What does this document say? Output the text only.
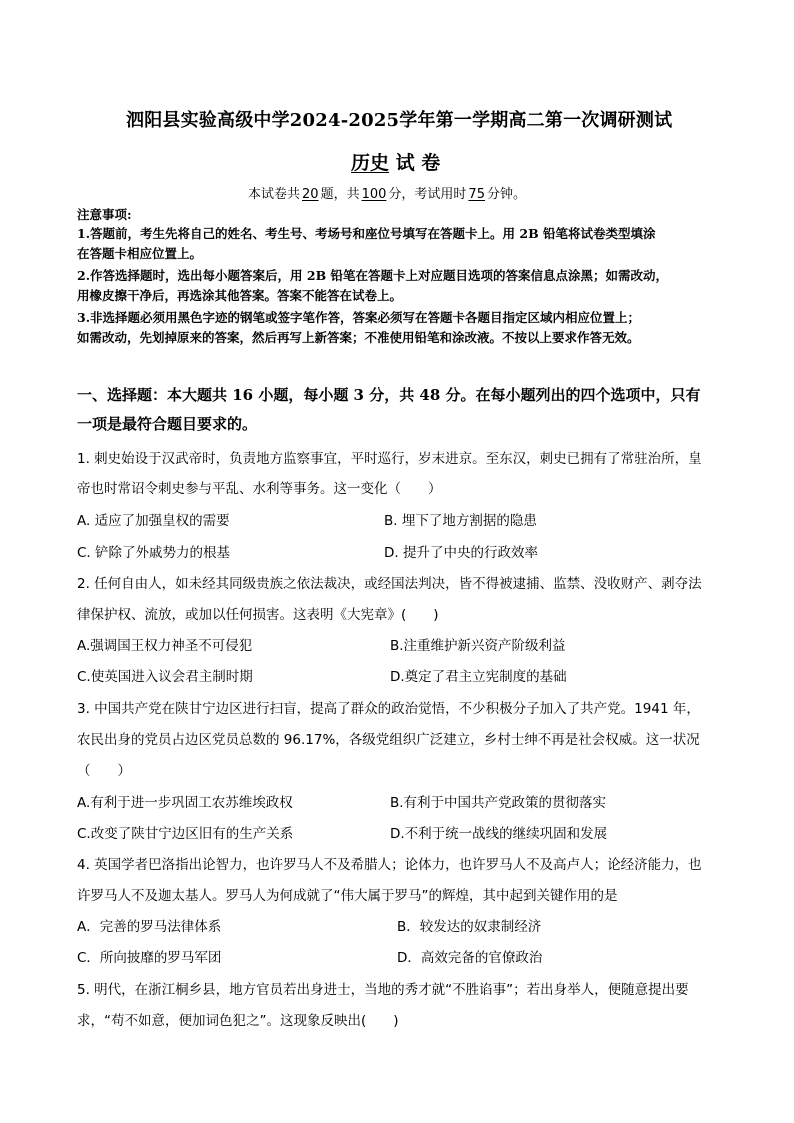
泗阳县实验高级中学2024-2025学年第一学期高二第一次调研测试
历史 试 卷
本试卷共 20 题，共 100 分，考试用时 75 分钟。
注意事项:
1.答题前，考生先将自己的姓名、考生号、考场号和座位号填写在答题卡上。用 2B 铅笔将试卷类型填涂
在答题卡相应位置上。
2.作答选择题时，选出每小题答案后，用 2B 铅笔在答题卡上对应题目选项的答案信息点涂黑；如需改动，
用橡皮擦干净后，再选涂其他答案。答案不能答在试卷上。
3.非选择题必须用黑色字迹的钢笔或签字笔作答，答案必须写在答题卡各题目指定区域内相应位置上；
如需改动，先划掉原来的答案，然后再写上新答案；不准使用铅笔和涂改液。不按以上要求作答无效。
一、选择题：本大题共 16 小题，每小题 3 分，共 48 分。在每小题列出的四个选项中，只有
一项是最符合题目要求的。
1. 刺史始设于汉武帝时，负责地方监察事宜，平时巡行，岁末进京。至东汉，刺史已拥有了常驻治所，皇
帝也时常诏令刺史参与平乱、水利等事务。这一变化（　　）
A. 适应了加强皇权的需要	B. 埋下了地方割据的隐患
C. 铲除了外戚势力的根基	D. 提升了中央的行政效率
2. 任何自由人，如未经其同级贵族之依法裁决，或经国法判决，皆不得被逮捕、监禁、没收财产、剥夺法
律保护权、流放，或加以任何损害。这表明《大宪章》(　　)
A.强调国王权力神圣不可侵犯	B.注重维护新兴资产阶级利益
C.使英国进入议会君主制时期	D.奠定了君主立宪制度的基础
3. 中国共产党在陕甘宁边区进行扫盲，提高了群众的政治觉悟，不少积极分子加入了共产党。1941 年，
农民出身的党员占边区党员总数的 96.17%，各级党组织广泛建立，乡村士绅不再是社会权威。这一状况
（　　）
A.有利于进一步巩固工农苏维埃政权	B.有利于中国共产党政策的贯彻落实
C.改变了陕甘宁边区旧有的生产关系	D.不利于统一战线的继续巩固和发展
4. 英国学者巴洛指出论智力，也许罗马人不及希腊人；论体力，也许罗马人不及高卢人；论经济能力，也
许罗马人不及迦太基人。罗马人为何成就了“伟大属于罗马”的辉煌，其中起到关键作用的是
A．完善的罗马法律体系	B．较发达的奴隶制经济
C．所向披靡的罗马军团	D．高效完备的官僚政治
5. 明代，在浙江桐乡县，地方官员若出身进士，当地的秀才就“不胜谄事”；若出身举人，便随意提出要
求，“苟不如意，便加词色犯之”。这现象反映出(　　)
